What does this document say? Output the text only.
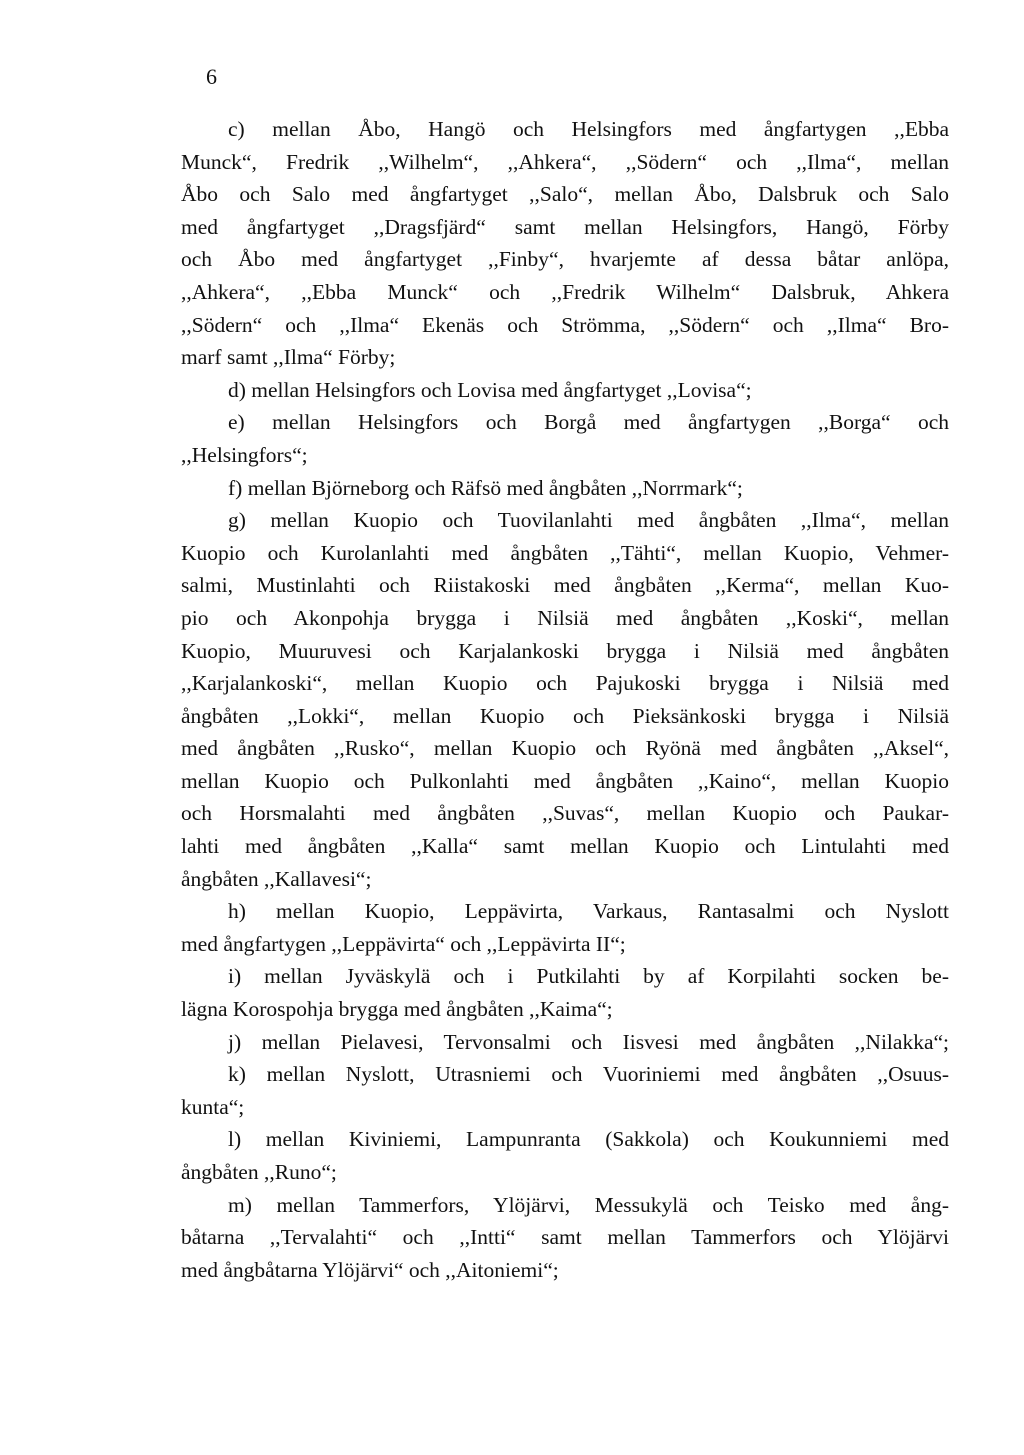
6
c) mellan Åbo, Hangö och Helsingfors med ångfartygen ,,Ebba
Munck“, Fredrik ,,Wilhelm“, ,,Ahkera“, ,,Södern“ och ,,Ilma“, mellan
Åbo och Salo med ångfartyget ,,Salo“, mellan Åbo, Dalsbruk och Salo
med ångfartyget ,,Dragsfjärd“ samt mellan Helsingfors, Hangö, Förby
och Åbo med ångfartyget ,,Finby“, hvarjemte af dessa båtar anlöpa,
,,Ahkera“, ,,Ebba Munck“ och ,,Fredrik Wilhelm“ Dalsbruk, Ahkera
,,Södern“ och ,,Ilma“ Ekenäs och Strömma, ,,Södern“ och ,,Ilma“ Bro-
marf samt ,,Ilma“ Förby;
d) mellan Helsingfors och Lovisa med ångfartyget ,,Lovisa“;
e) mellan Helsingfors och Borgå med ångfartygen ,,Borga“ och
,,Helsingfors“;
f) mellan Björneborg och Räfsö med ångbåten ,,Norrmark“;
g) mellan Kuopio och Tuovilanlahti med ångbåten ,,Ilma“, mellan
Kuopio och Kurolanlahti med ångbåten ,,Tähti“, mellan Kuopio, Vehmer-
salmi, Mustinlahti och Riistakoski med ångbåten ,,Kerma“, mellan Kuo-
pio och Akonpohja brygga i Nilsiä med ångbåten ,,Koski“, mellan
Kuopio, Muuruvesi och Karjalankoski brygga i Nilsiä med ångbåten
,,Karjalankoski“, mellan Kuopio och Pajukoski brygga i Nilsiä med
ångbåten ,,Lokki“, mellan Kuopio och Pieksänkoski brygga i Nilsiä
med ångbåten ,,Rusko“, mellan Kuopio och Ryönä med ångbåten ,,Aksel“,
mellan Kuopio och Pulkonlahti med ångbåten ,,Kaino“, mellan Kuopio
och Horsmalahti med ångbåten ,,Suvas“, mellan Kuopio och Paukar-
lahti med ångbåten ,,Kalla“ samt mellan Kuopio och Lintulahti med
ångbåten ,,Kallavesi“;
h) mellan Kuopio, Leppävirta, Varkaus, Rantasalmi och Nyslott
med ångfartygen ,,Leppävirta“ och ,,Leppävirta II“;
i) mellan Jyväskylä och i Putkilahti by af Korpilahti socken be-
lägna Korospohja brygga med ångbåten ,,Kaima“;
j) mellan Pielavesi, Tervonsalmi och Iisvesi med ångbåten ,,Nilakka“;
k) mellan Nyslott, Utrasniemi och Vuoriniemi med ångbåten ,,Osuus-
kunta“;
l) mellan Kiviniemi, Lampunranta (Sakkola) och Koukunniemi med
ångbåten ,,Runo“;
m) mellan Tammerfors, Ylöjärvi, Messukylä och Teisko med ång-
båtarna ,,Tervalahti“ och ,,Intti“ samt mellan Tammerfors och Ylöjärvi
med ångbåtarna Ylöjärvi“ och ,,Aitoniemi“;
